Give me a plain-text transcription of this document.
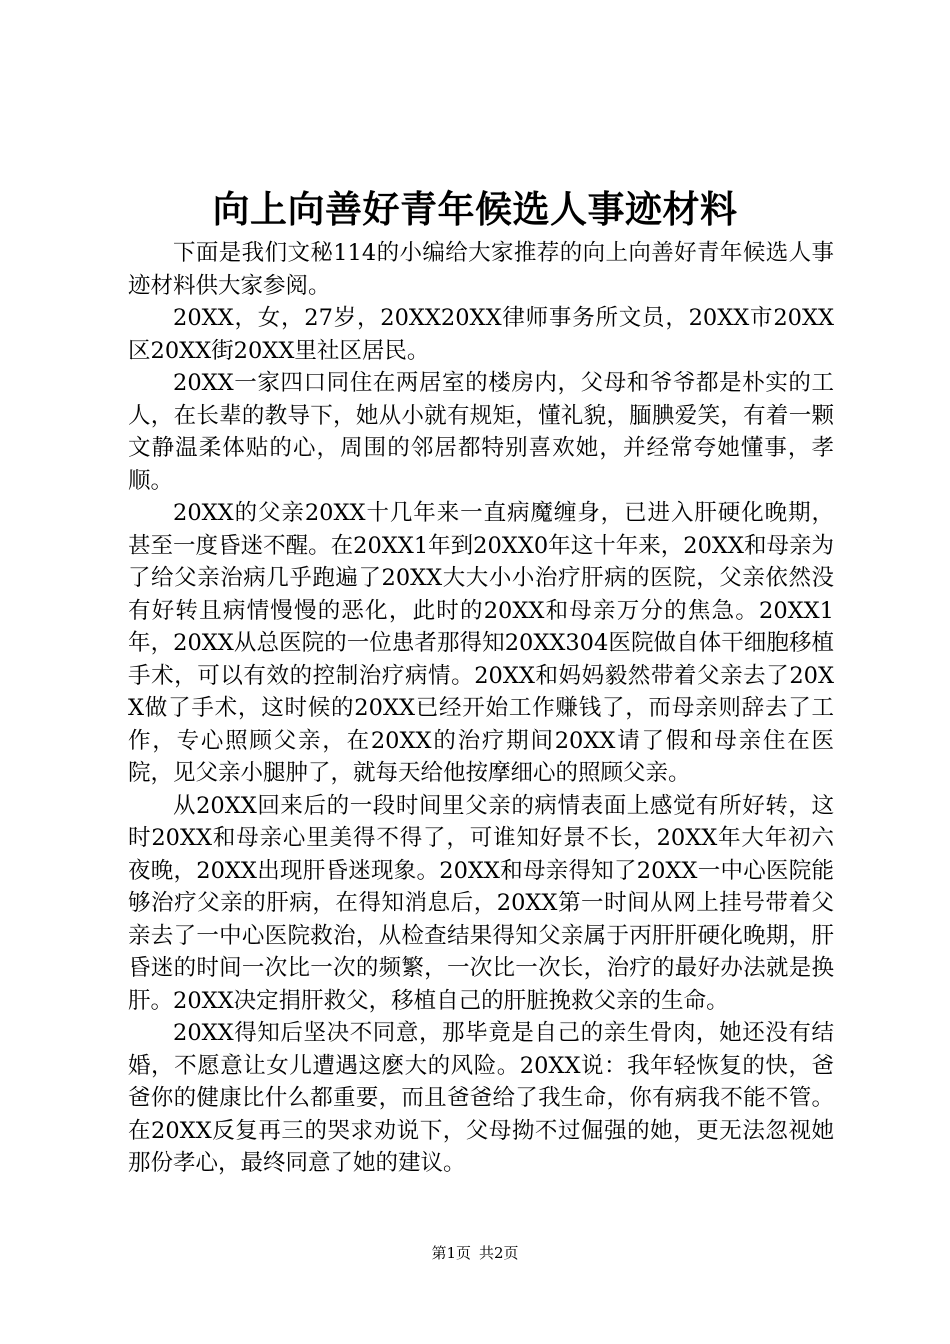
向上向善好青年候选人事迹材料

下面是我们文秘114的小编给大家推荐的向上向善好青年候选人事迹材料供大家参阅。

20XX，女，27岁，20XX20XX律师事务所文员，20XX市20XX区20XX街20XX里社区居民。

20XX一家四口同住在两居室的楼房内，父母和爷爷都是朴实的工人，在长辈的教导下，她从小就有规矩，懂礼貌，腼腆爱笑，有着一颗文静温柔体贴的心，周围的邻居都特别喜欢她，并经常夸她懂事，孝顺。

20XX的父亲20XX十几年来一直病魔缠身，已进入肝硬化晚期，甚至一度昏迷不醒。在20XX1年到20XX0年这十年来，20XX和母亲为了给父亲治病几乎跑遍了20XX大大小小治疗肝病的医院，父亲依然没有好转且病情慢慢的恶化，此时的20XX和母亲万分的焦急。20XX1年，20XX从总医院的一位患者那得知20XX304医院做自体干细胞移植手术，可以有效的控制治疗病情。20XX和妈妈毅然带着父亲去了20XX做了手术，这时候的20XX已经开始工作赚钱了，而母亲则辞去了工作，专心照顾父亲，在20XX的治疗期间20XX请了假和母亲住在医院，见父亲小腿肿了，就每天给他按摩细心的照顾父亲。

从20XX回来后的一段时间里父亲的病情表面上感觉有所好转，这时20XX和母亲心里美得不得了，可谁知好景不长，20XX年大年初六夜晚，20XX出现肝昏迷现象。20XX和母亲得知了20XX一中心医院能够治疗父亲的肝病，在得知消息后，20XX第一时间从网上挂号带着父亲去了一中心医院救治，从检查结果得知父亲属于丙肝肝硬化晚期，肝昏迷的时间一次比一次的频繁，一次比一次长，治疗的最好办法就是换肝。20XX决定捐肝救父，移植自己的肝脏挽救父亲的生命。

20XX得知后坚决不同意，那毕竟是自己的亲生骨肉，她还没有结婚，不愿意让女儿遭遇这麽大的风险。20XX说：我年轻恢复的快，爸爸你的健康比什么都重要，而且爸爸给了我生命，你有病我不能不管。在20XX反复再三的哭求劝说下，父母拗不过倔强的她，更无法忽视她那份孝心，最终同意了她的建议。

第1页 共2页
